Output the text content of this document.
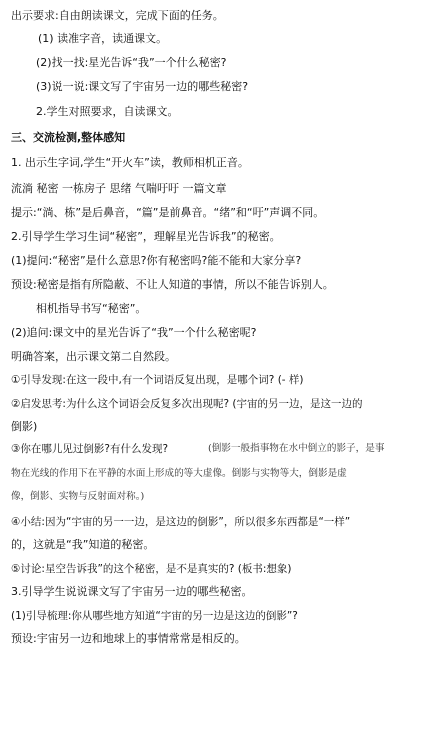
出示要求:自由朗读课文，完成下面的任务。
(1) 读准字音，读通课文。
(2)找一找:星光告诉“我”一个什么秘密?
(3)说一说:课文写了宇宙另一边的哪些秘密?
2.学生对照要求，自读课文。
三、交流检测,整体感知
1. 出示生字词,学生“开火车”读，教师相机正音。
流淌 秘密 一栋房子 思绪 气喘吁吁 一篇文章
提示:“淌、栋”是后鼻音，“篇”是前鼻音。“绪”和“吁”声调不同。
2.引导学生学习生词“秘密”，理解星光告诉我”的秘密。
(1)提问:“秘密”是什么意思?你有秘密吗?能不能和大家分享?
预设:秘密是指有所隐蔽、不让人知道的事情，所以不能告诉别人。
相机指导书写“秘密”。
(2)追问:课文中的星光告诉了“我”一个什么秘密呢?
明确答案，出示课文第二自然段。
①引导发现:在这一段中,有一个词语反复出现，是哪个词? (- 样)
②启发思考:为什么这个词语会反复多次出现呢? (宇宙的另一边，是这一边的
倒影)
③你在哪儿见过倒影?有什么发现?	(倒影一般指事物在水中倒立的影子，是事
物在光线的作用下在平静的水面上形成的等大虚像。倒影与实物等大，倒影是虚
像，倒影、实物与反射面对称。)
④小结:因为“宇宙的另一一边，是这边的倒影”，所以很多东西都是“一样”
的，这就是“我”知道的秘密。
⑤讨论:星空告诉我”的这个秘密，是不是真实的? (板书:想象)
3.引导学生说说课文写了宇宙另一边的哪些秘密。
(1)引导梳理:你从哪些地方知道“宇宙的另一边是这边的倒影”?
预设:宇宙另一边和地球上的事情常常是相反的。
